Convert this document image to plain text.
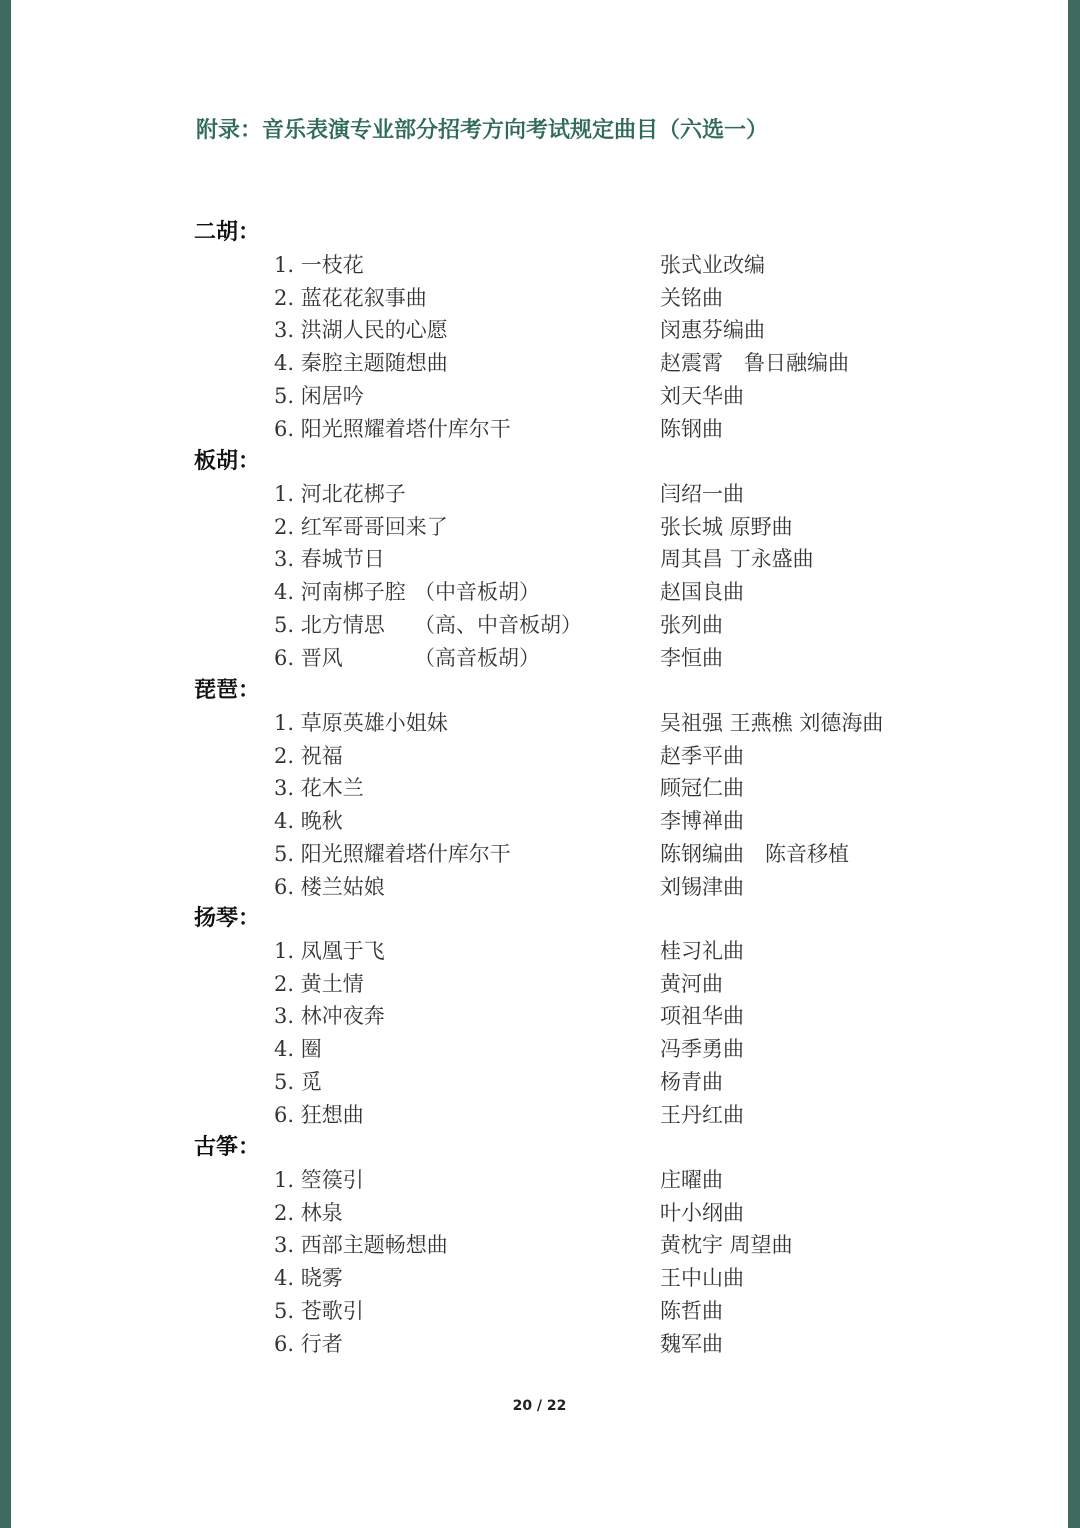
附录：音乐表演专业部分招考方向考试规定曲目（六选一）
二胡：
1. 一枝花	张式业改编
2. 蓝花花叙事曲	关铭曲
3. 洪湖人民的心愿	闵惠芬编曲
4. 秦腔主题随想曲	赵震霄　鲁日融编曲
5. 闲居吟	刘天华曲
6. 阳光照耀着塔什库尔干	陈钢曲
板胡：
1. 河北花梆子	闫绍一曲
2. 红军哥哥回来了	张长城 原野曲
3. 春城节日	周其昌 丁永盛曲
4. 河南梆子腔 （中音板胡）	赵国良曲
5. 北方情思 （高、中音板胡）	张列曲
6. 晋风	（高音板胡）	李恒曲
琵琶：
1. 草原英雄小姐妹	吴祖强 王燕樵 刘德海曲
2. 祝福	赵季平曲
3. 花木兰	顾冠仁曲
4. 晚秋	李博禅曲
5. 阳光照耀着塔什库尔干	陈钢编曲　陈音移植
6. 楼兰姑娘	刘锡津曲
扬琴：
1. 凤凰于飞	桂习礼曲
2. 黄土情	黄河曲
3. 林冲夜奔	项祖华曲
4. 圈	冯季勇曲
5. 觅	杨青曲
6. 狂想曲	王丹红曲
古筝：
1. 箜篌引	庄曜曲
2. 林泉	叶小纲曲
3. 西部主题畅想曲	黄枕宇 周望曲
4. 晓雾	王中山曲
5. 苍歌引	陈哲曲
6. 行者	魏军曲
20 / 22
